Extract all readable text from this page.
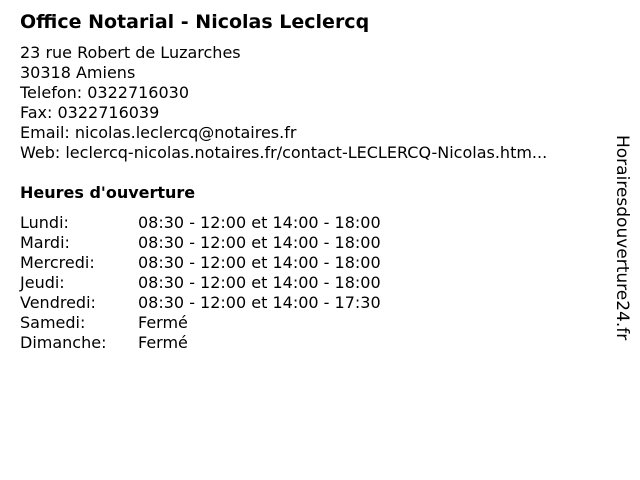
Office Notarial - Nicolas Leclercq
23 rue Robert de Luzarches
30318 Amiens
Telefon: 0322716030
Fax: 0322716039
Email: nicolas.leclercq@notaires.fr
Web: leclercq-nicolas.notaires.fr/contact-LECLERCQ-Nicolas.htm...
Heures d'ouverture
Lundi:	08:30 - 12:00 et 14:00 - 18:00
Mardi:	08:30 - 12:00 et 14:00 - 18:00
Mercredi:	08:30 - 12:00 et 14:00 - 18:00
Jeudi:	08:30 - 12:00 et 14:00 - 18:00
Vendredi:	08:30 - 12:00 et 14:00 - 17:30
Samedi:	Fermé
Dimanche: Fermé
Horairesdouverture24.fr
